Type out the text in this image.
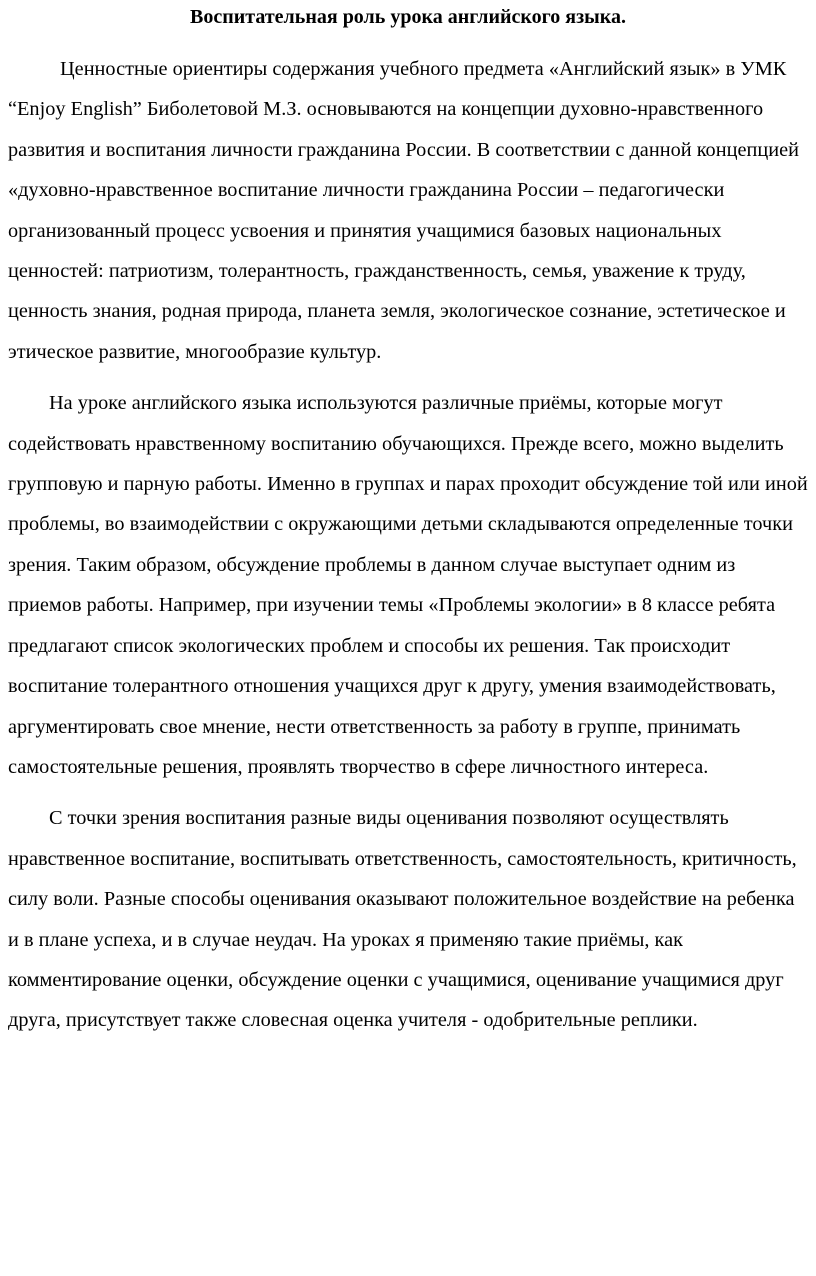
Воспитательная роль урока английского языка.

Ценностные ориентиры содержания учебного предмета «Английский язык» в УМК “Enjoy English” Биболетовой М.З. основываются на концепции духовно-нравственного развития и воспитания личности гражданина России. В соответствии с данной концепцией «духовно-нравственное воспитание личности гражданина России – педагогически организованный процесс усвоения и принятия учащимися базовых национальных ценностей: патриотизм, толерантность, гражданственность, семья, уважение к труду, ценность знания, родная природа, планета земля, экологическое сознание, эстетическое и этическое развитие, многообразие культур.

На уроке английского языка используются различные приёмы, которые могут содействовать нравственному воспитанию обучающихся. Прежде всего, можно выделить групповую и парную работы. Именно в группах и парах проходит обсуждение той или иной проблемы, во взаимодействии с окружающими детьми складываются определенные точки зрения. Таким образом, обсуждение проблемы в данном случае выступает одним из приемов работы. Например, при изучении темы «Проблемы экологии» в 8 классе ребята предлагают список экологических проблем и способы их решения. Так происходит воспитание толерантного отношения учащихся друг к другу, умения взаимодействовать, аргументировать свое мнение, нести ответственность за работу в группе, принимать самостоятельные решения, проявлять творчество в сфере личностного интереса.

С точки зрения воспитания разные виды оценивания позволяют осуществлять нравственное воспитание, воспитывать ответственность, самостоятельность, критичность, силу воли. Разные способы оценивания оказывают положительное воздействие на ребенка и в плане успеха, и в случае неудач. На уроках я применяю такие приёмы, как комментирование оценки, обсуждение оценки с учащимися, оценивание учащимися друг друга, присутствует также словесная оценка учителя - одобрительные реплики.
